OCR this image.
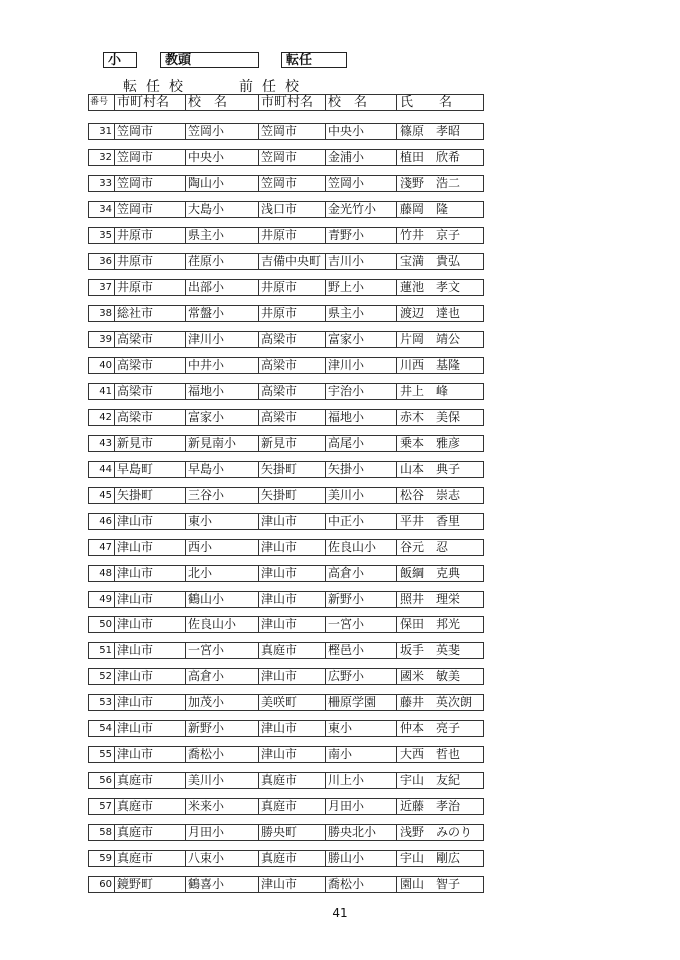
小	教頭	転任
転任校	前任校
番号 市町村名	校　名	市町村名	校　名	氏　　名
31 笠岡市	笠岡小	笠岡市	中央小	篠原　孝昭
32 笠岡市	中央小	笠岡市	金浦小	植田　欣希
33 笠岡市	陶山小	笠岡市	笠岡小	淺野　浩二
34 笠岡市	大島小	浅口市	金光竹小	藤岡　隆
35 井原市	県主小	井原市	青野小	竹井　京子
36 井原市	荏原小	吉備中央町 吉川小	宝満　貴弘
37 井原市	出部小	井原市	野上小	蓮池　孝文
38 総社市	常盤小	井原市	県主小	渡辺　達也
39 高梁市	津川小	高梁市	富家小	片岡　靖公
40 高梁市	中井小	高梁市	津川小	川西　基隆
41 高梁市	福地小	高梁市	宇治小	井上　峰
42 高梁市	富家小	高梁市	福地小	赤木　美保
43 新見市	新見南小	新見市	高尾小	乗本　雅彦
44 早島町	早島小	矢掛町	矢掛小	山本　典子
45 矢掛町	三谷小	矢掛町	美川小	松谷　崇志
46 津山市	東小	津山市	中正小	平井　香里
47 津山市	西小	津山市	佐良山小	谷元　忍
48 津山市	北小	津山市	高倉小	飯綱　克典
49 津山市	鶴山小	津山市	新野小	照井　理栄
50 津山市	佐良山小	津山市	一宮小	保田　邦光
51 津山市	一宮小	真庭市	樫邑小	坂手　英斐
52 津山市	高倉小	津山市	広野小	國米　敏美
53 津山市	加茂小	美咲町	柵原学園	藤井　英次朗
54 津山市	新野小	津山市	東小	仲本　亮子
55 津山市	喬松小	津山市	南小	大西　哲也
56 真庭市	美川小	真庭市	川上小	宇山　友紀
57 真庭市	米来小	真庭市	月田小	近藤　孝治
58 真庭市	月田小	勝央町	勝央北小	浅野　みのり
59 真庭市	八束小	真庭市	勝山小	宇山　剛広
60 鏡野町	鶴喜小	津山市	喬松小	園山　智子
41
